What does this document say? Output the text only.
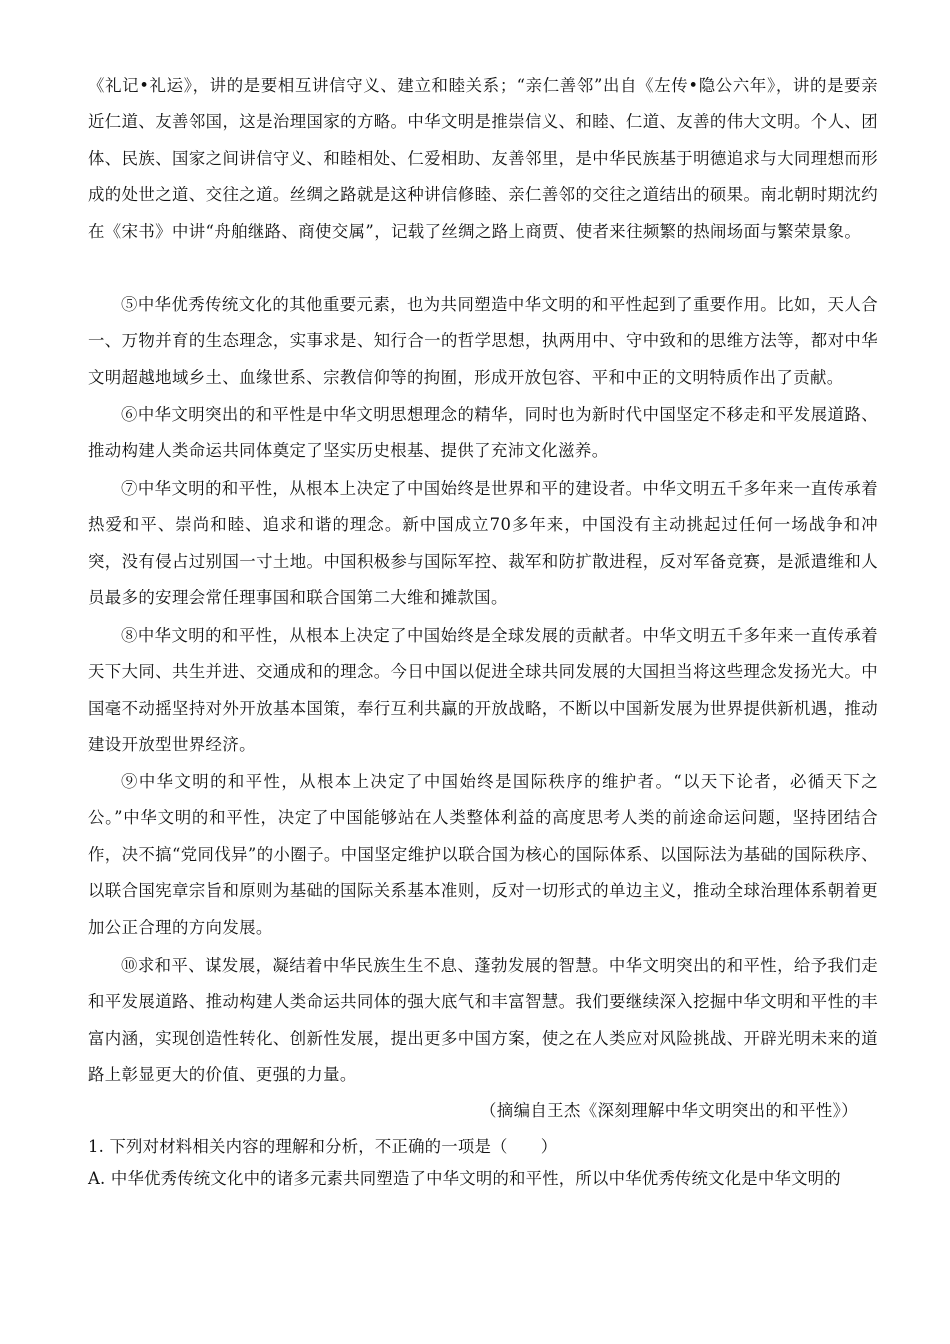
《礼记•礼运》，讲的是要相互讲信守义、建立和睦关系；“亲仁善邻”出自《左传•隐公六年》，讲的是要亲近仁道、友善邻国，这是治理国家的方略。中华文明是推崇信义、和睦、仁道、友善的伟大文明。个人、团体、民族、国家之间讲信守义、和睦相处、仁爱相助、友善邻里，是中华民族基于明德追求与大同理想而形成的处世之道、交往之道。丝绸之路就是这种讲信修睦、亲仁善邻的交往之道结出的硕果。南北朝时期沈约在《宋书》中讲“舟舶继路、商使交属”，记载了丝绸之路上商贾、使者来往频繁的热闹场面与繁荣景象。

⑤中华优秀传统文化的其他重要元素，也为共同塑造中华文明的和平性起到了重要作用。比如，天人合一、万物并育的生态理念，实事求是、知行合一的哲学思想，执两用中、守中致和的思维方法等，都对中华文明超越地域乡土、血缘世系、宗教信仰等的拘囿，形成开放包容、平和中正的文明特质作出了贡献。

⑥中华文明突出的和平性是中华文明思想理念的精华，同时也为新时代中国坚定不移走和平发展道路、推动构建人类命运共同体奠定了坚实历史根基、提供了充沛文化滋养。

⑦中华文明的和平性，从根本上决定了中国始终是世界和平的建设者。中华文明五千多年来一直传承着热爱和平、崇尚和睦、追求和谐的理念。新中国成立70多年来，中国没有主动挑起过任何一场战争和冲突，没有侵占过别国一寸土地。中国积极参与国际军控、裁军和防扩散进程，反对军备竞赛，是派遣维和人员最多的安理会常任理事国和联合国第二大维和摊款国。

⑧中华文明的和平性，从根本上决定了中国始终是全球发展的贡献者。中华文明五千多年来一直传承着天下大同、共生并进、交通成和的理念。今日中国以促进全球共同发展的大国担当将这些理念发扬光大。中国毫不动摇坚持对外开放基本国策，奉行互利共赢的开放战略，不断以中国新发展为世界提供新机遇，推动建设开放型世界经济。

⑨中华文明的和平性，从根本上决定了中国始终是国际秩序的维护者。“以天下论者，必循天下之公。”中华文明的和平性，决定了中国能够站在人类整体利益的高度思考人类的前途命运问题，坚持团结合作，决不搞“党同伐异”的小圈子。中国坚定维护以联合国为核心的国际体系、以国际法为基础的国际秩序、以联合国宪章宗旨和原则为基础的国际关系基本准则，反对一切形式的单边主义，推动全球治理体系朝着更加公正合理的方向发展。

⑩求和平、谋发展，凝结着中华民族生生不息、蓬勃发展的智慧。中华文明突出的和平性，给予我们走和平发展道路、推动构建人类命运共同体的强大底气和丰富智慧。我们要继续深入挖掘中华文明和平性的丰富内涵，实现创造性转化、创新性发展，提出更多中国方案，使之在人类应对风险挑战、开辟光明未来的道路上彰显更大的价值、更强的力量。

（摘编自王杰《深刻理解中华文明突出的和平性》）

1. 下列对材料相关内容的理解和分析，不正确的一项是（　　）

A. 中华优秀传统文化中的诸多元素共同塑造了中华文明的和平性，所以中华优秀传统文化是中华文明的
